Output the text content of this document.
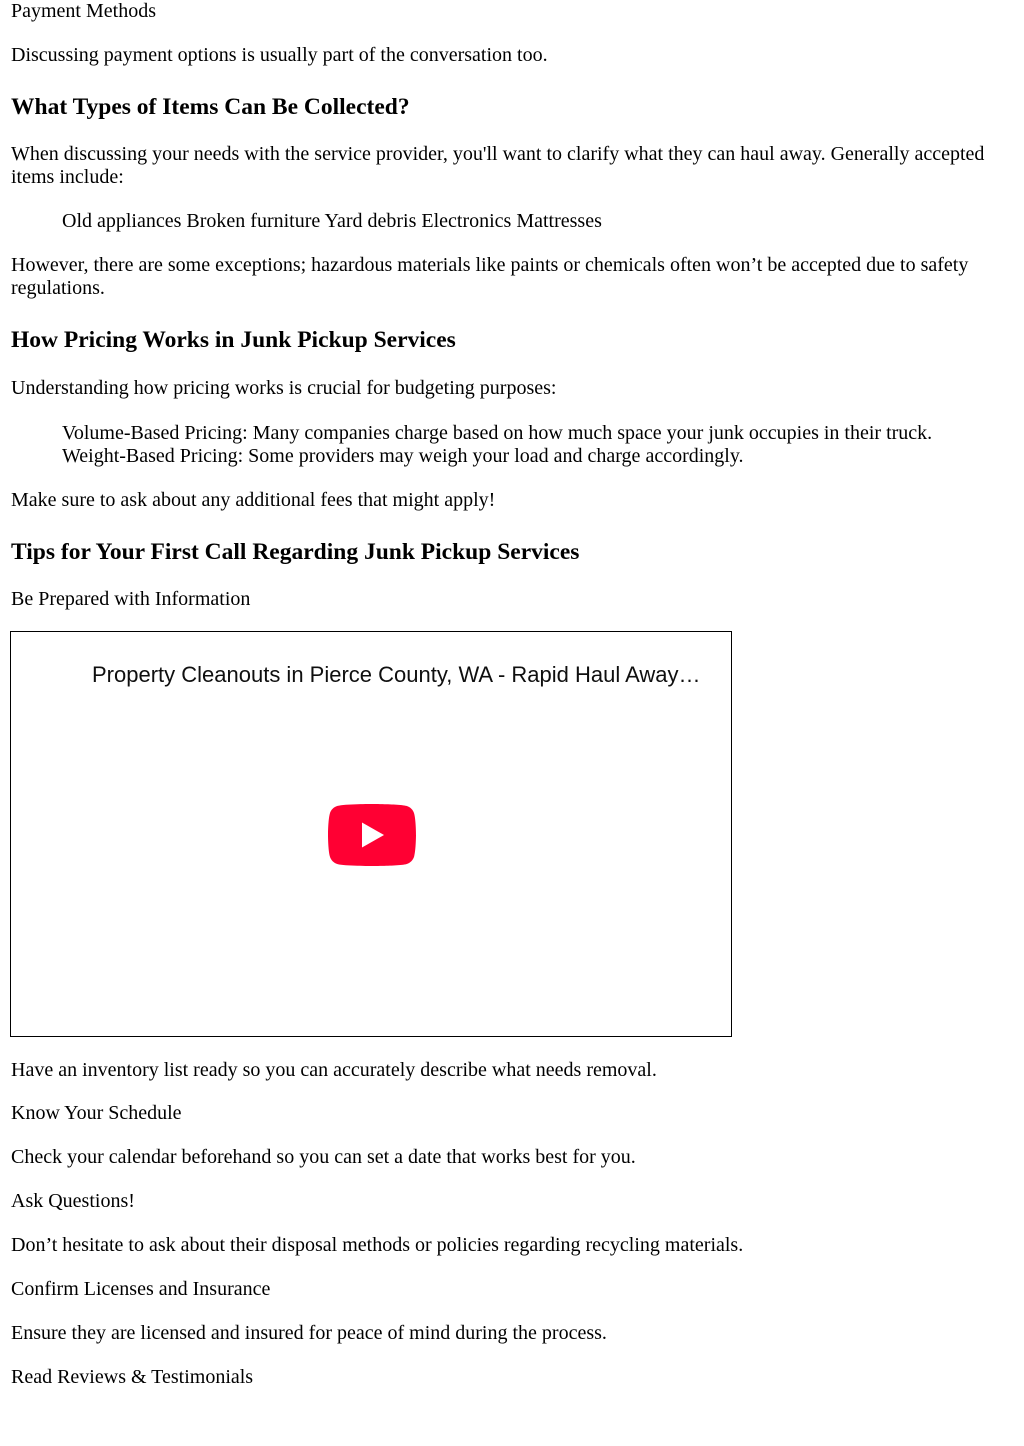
Payment Methods

Discussing payment options is usually part of the conversation too.

What Types of Items Can Be Collected?

When discussing your needs with the service provider, you'll want to clarify what they can haul away. Generally accepted items include:

Old appliances Broken furniture Yard debris Electronics Mattresses

However, there are some exceptions; hazardous materials like paints or chemicals often won’t be accepted due to safety regulations.

How Pricing Works in Junk Pickup Services

Understanding how pricing works is crucial for budgeting purposes:

Volume-Based Pricing: Many companies charge based on how much space your junk occupies in their truck.

Weight-Based Pricing: Some providers may weigh your load and charge accordingly.

Make sure to ask about any additional fees that might apply!

Tips for Your First Call Regarding Junk Pickup Services

Be Prepared with Information

Property Cleanouts in Pierce County, WA - Rapid Haul Away…

Have an inventory list ready so you can accurately describe what needs removal.

Know Your Schedule

Check your calendar beforehand so you can set a date that works best for you.

Ask Questions!

Don’t hesitate to ask about their disposal methods or policies regarding recycling materials.

Confirm Licenses and Insurance

Ensure they are licensed and insured for peace of mind during the process.

Read Reviews & Testimonials
